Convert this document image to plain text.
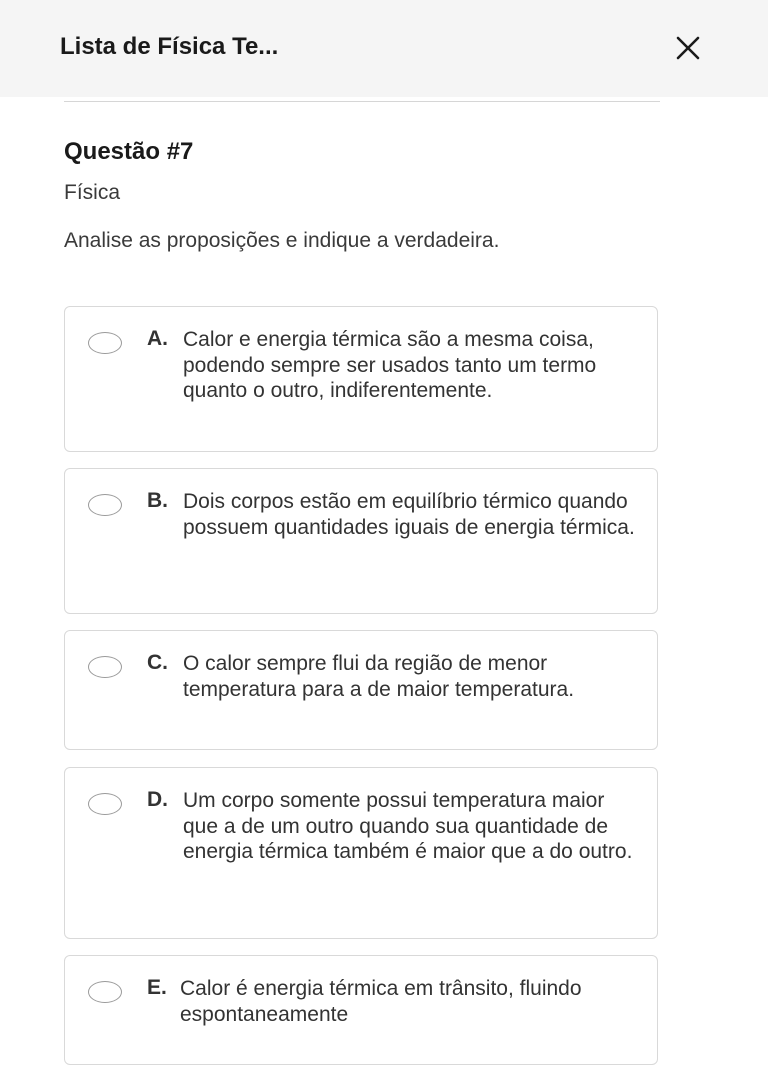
Lista de Física Te...
Questão #7
Física
Analise as proposições e indique a verdadeira.
A. Calor e energia térmica são a mesma coisa, podendo sempre ser usados tanto um termo quanto o outro, indiferentemente.
B. Dois corpos estão em equilíbrio térmico quando possuem quantidades iguais de energia térmica.
C. O calor sempre flui da região de menor temperatura para a de maior temperatura.
D. Um corpo somente possui temperatura maior que a de um outro quando sua quantidade de energia térmica também é maior que a do outro.
E. Calor é energia térmica em trânsito, fluindo espontaneamente
